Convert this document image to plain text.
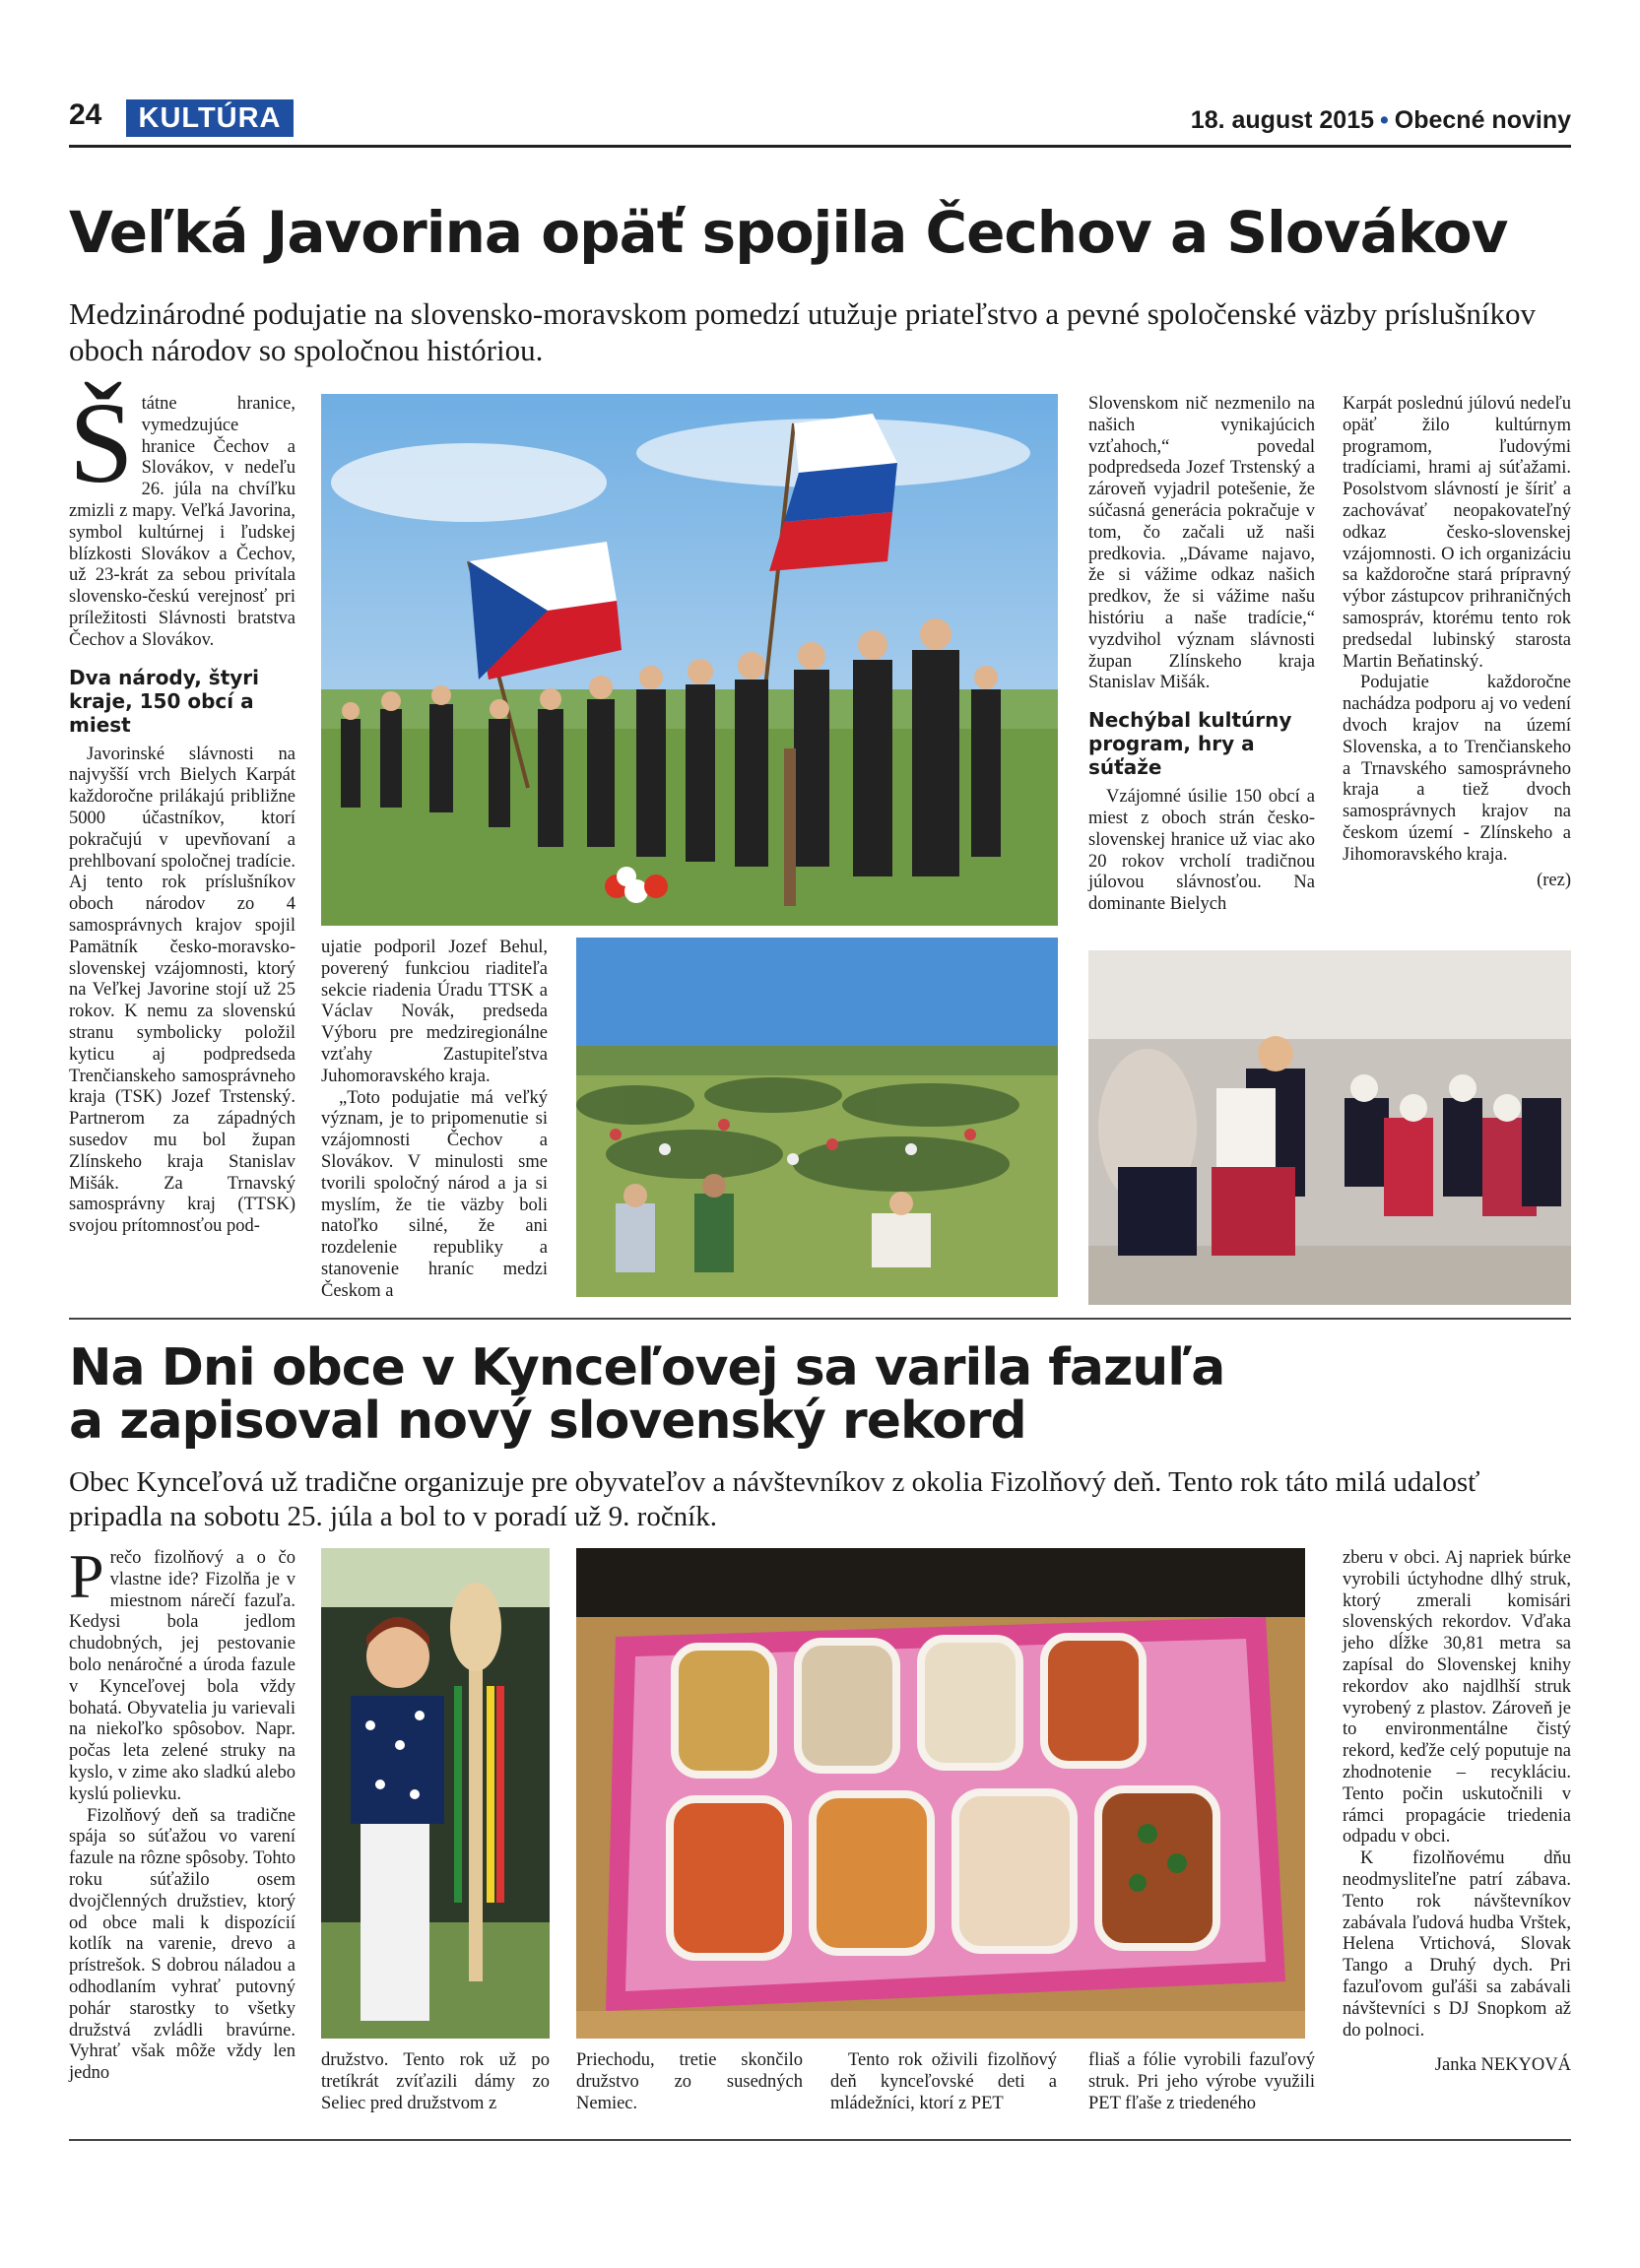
24	KULTÚRA	18. august 2015 • Obecné noviny
Veľká Javorina opäť spojila Čechov a Slovákov
Medzinárodné podujatie na slovensko-moravskom pomedzí utužuje priateľstvo a pevné spoločenské väzby príslušníkov oboch národov so spoločnou históriou.

Štátne hranice, vymedzujúce hranice Čechov a Slovákov, v nedeľu 26. júla na chvíľku zmizli z mapy. Veľká Javorina, symbol kultúrnej i ľudskej blízkosti Slovákov a Čechov, už 23-krát za sebou privítala slovensko-českú verejnosť pri príležitosti Slávnosti bratstva Čechov a Slovákov.

Dva národy, štyri kraje, 150 obcí a miest

Javorinské slávnosti na najvyšší vrch Bielych Karpát každoročne prilákajú približne 5000 účastníkov, ktorí pokračujú v upevňovaní a prehlbovaní spoločnej tradície. Aj tento rok príslušníkov oboch národov zo 4 samosprávnych krajov spojil Pamätník česko-moravsko-slovenskej vzájomnosti, ktorý na Veľkej Javorine stojí už 25 rokov. K nemu za slovenskú stranu symbolicky položil kyticu aj podpredseda Trenčianskeho samosprávneho kraja (TSK) Jozef Trstenský. Partnerom za západných susedov mu bol župan Zlínskeho kraja Stanislav Mišák. Za Trnavský samosprávny kraj (TTSK) svojou prítomnosťou pod-

ujatie podporil Jozef Behul, poverený funkciou riaditeľa sekcie riadenia Úradu TTSK a Václav Novák, predseda Výboru pre medziregionálne vzťahy Zastupiteľstva Juhomoravského kraja.

„Toto podujatie má veľký význam, je to pripomenutie si vzájomnosti Čechov a Slovákov. V minulosti sme tvorili spoločný národ a ja si myslím, že tie väzby boli natoľko silné, že ani rozdelenie republiky a stanovenie hraníc medzi Českom a

Slovenskom nič nezmenilo na našich vynikajúcich vzťahoch,“ povedal podpredseda Jozef Trstenský a zároveň vyjadril potešenie, že súčasná generácia pokračuje v tom, čo začali už naši predkovia. „Dávame najavo, že si vážime odkaz našich predkov, že si vážime našu históriu a naše tradície,“ vyzdvihol význam slávnosti župan Zlínskeho kraja Stanislav Mišák.

Nechýbal kultúrny program, hry a súťaže

Vzájomné úsilie 150 obcí a miest z oboch strán česko-slovenskej hranice už viac ako 20 rokov vrcholí tradičnou júlovou slávnosťou. Na dominante Bielych

Karpát poslednú júlovú nedeľu opäť žilo kultúrnym programom, ľudovými tradíciami, hrami aj súťažami. Posolstvom slávností je šíriť a zachovávať neopakovateľný odkaz česko-slovenskej vzájomnosti. O ich organizáciu sa každoročne stará prípravný výbor zástupcov prihraničných samospráv, ktorému tento rok predsedal lubinský starosta Martin Beňatinský.

Podujatie každoročne nachádza podporu aj vo vedení dvoch krajov na území Slovenska, a to Trenčianskeho a Trnavského samosprávneho kraja a tiež dvoch samosprávnych krajov na českom území - Zlínskeho a Jihomoravského kraja.

(rez)
Na Dni obce v Kynceľovej sa varila fazuľa
a zapisoval nový slovenský rekord
Obec Kynceľová už tradične organizuje pre obyvateľov a návštevníkov z okolia Fizolňový deň. Tento rok táto milá udalosť pripadla na sobotu 25. júla a bol to v poradí už 9. ročník.

Prečo fizolňový a o čo vlastne ide? Fizolňa je v miestnom nárečí fazuľa. Kedysi bola jedlom chudobných, jej pestovanie bolo nenáročné a úroda fazule v Kynceľovej bola vždy bohatá. Obyvatelia ju varievali na niekoľko spôsobov. Napr. počas leta zelené struky na kyslo, v zime ako sladkú alebo kyslú polievku.

Fizolňový deň sa tradične spája so súťažou vo varení fazule na rôzne spôsoby. Tohto roku súťažilo osem dvojčlenných družstiev, ktorý od obce mali k dispozícií kotlík na varenie, drevo a prístrešok. S dobrou náladou a odhodlaním vyhrať putovný pohár starostky to všetky družstvá zvládli bravúrne. Vyhrať však môže vždy len jedno

družstvo. Tento rok už po tretíkrát zvíťazili dámy zo Seliec pred družstvom z

Priechodu, tretie skončilo družstvo zo susedných Nemiec.

Tento rok oživili fizolňový deň kynceľovské deti a mládežníci, ktorí z PET

fliaš a fólie vyrobili fazuľový struk. Pri jeho výrobe využili PET fľaše z triedeného

zberu v obci. Aj napriek búrke vyrobili úctyhodne dlhý struk, ktorý zmerali komisári slovenských rekordov. Vďaka jeho dĺžke 30,81 metra sa zapísal do Slovenskej knihy rekordov ako najdlhší struk vyrobený z plastov. Zároveň je to environmentálne čistý rekord, keďže celý poputuje na zhodnotenie – recykláciu. Tento počin uskutočnili v rámci propagácie triedenia odpadu v obci.

K fizolňovému dňu neodmysliteľne patrí zábava. Tento rok návštevníkov zabávala ľudová hudba Vrštek, Helena Vrtichová, Slovak Tango a Druhý dych. Pri fazuľovom guľáši sa zabávali návštevníci s DJ Snopkom až do polnoci.

Janka NEKYOVÁ
